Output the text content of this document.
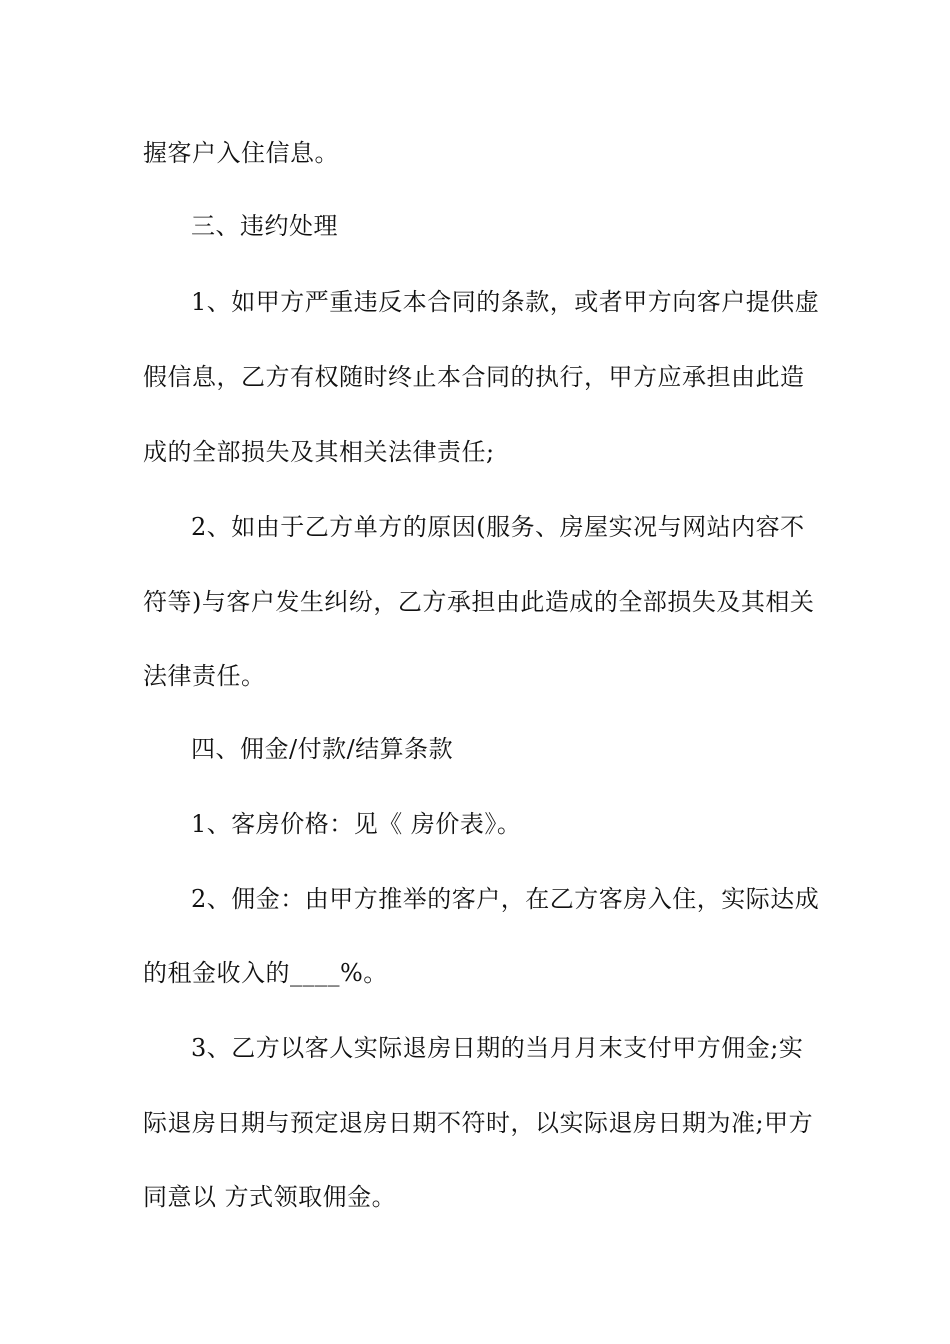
握客户入住信息。
三、违约处理
1、如甲方严重违反本合同的条款，或者甲方向客户提供虚
假信息，乙方有权随时终止本合同的执行，甲方应承担由此造
成的全部损失及其相关法律责任;
2、如由于乙方单方的原因(服务、房屋实况与网站内容不
符等)与客户发生纠纷，乙方承担由此造成的全部损失及其相关
法律责任。
四、佣金/付款/结算条款
1、客房价格：见《 房价表》。
2、佣金：由甲方推举的客户，在乙方客房入住，实际达成
的租金收入的____%。
3、乙方以客人实际退房日期的当月月末支付甲方佣金;实
际退房日期与预定退房日期不符时，以实际退房日期为准;甲方
同意以 方式领取佣金。
